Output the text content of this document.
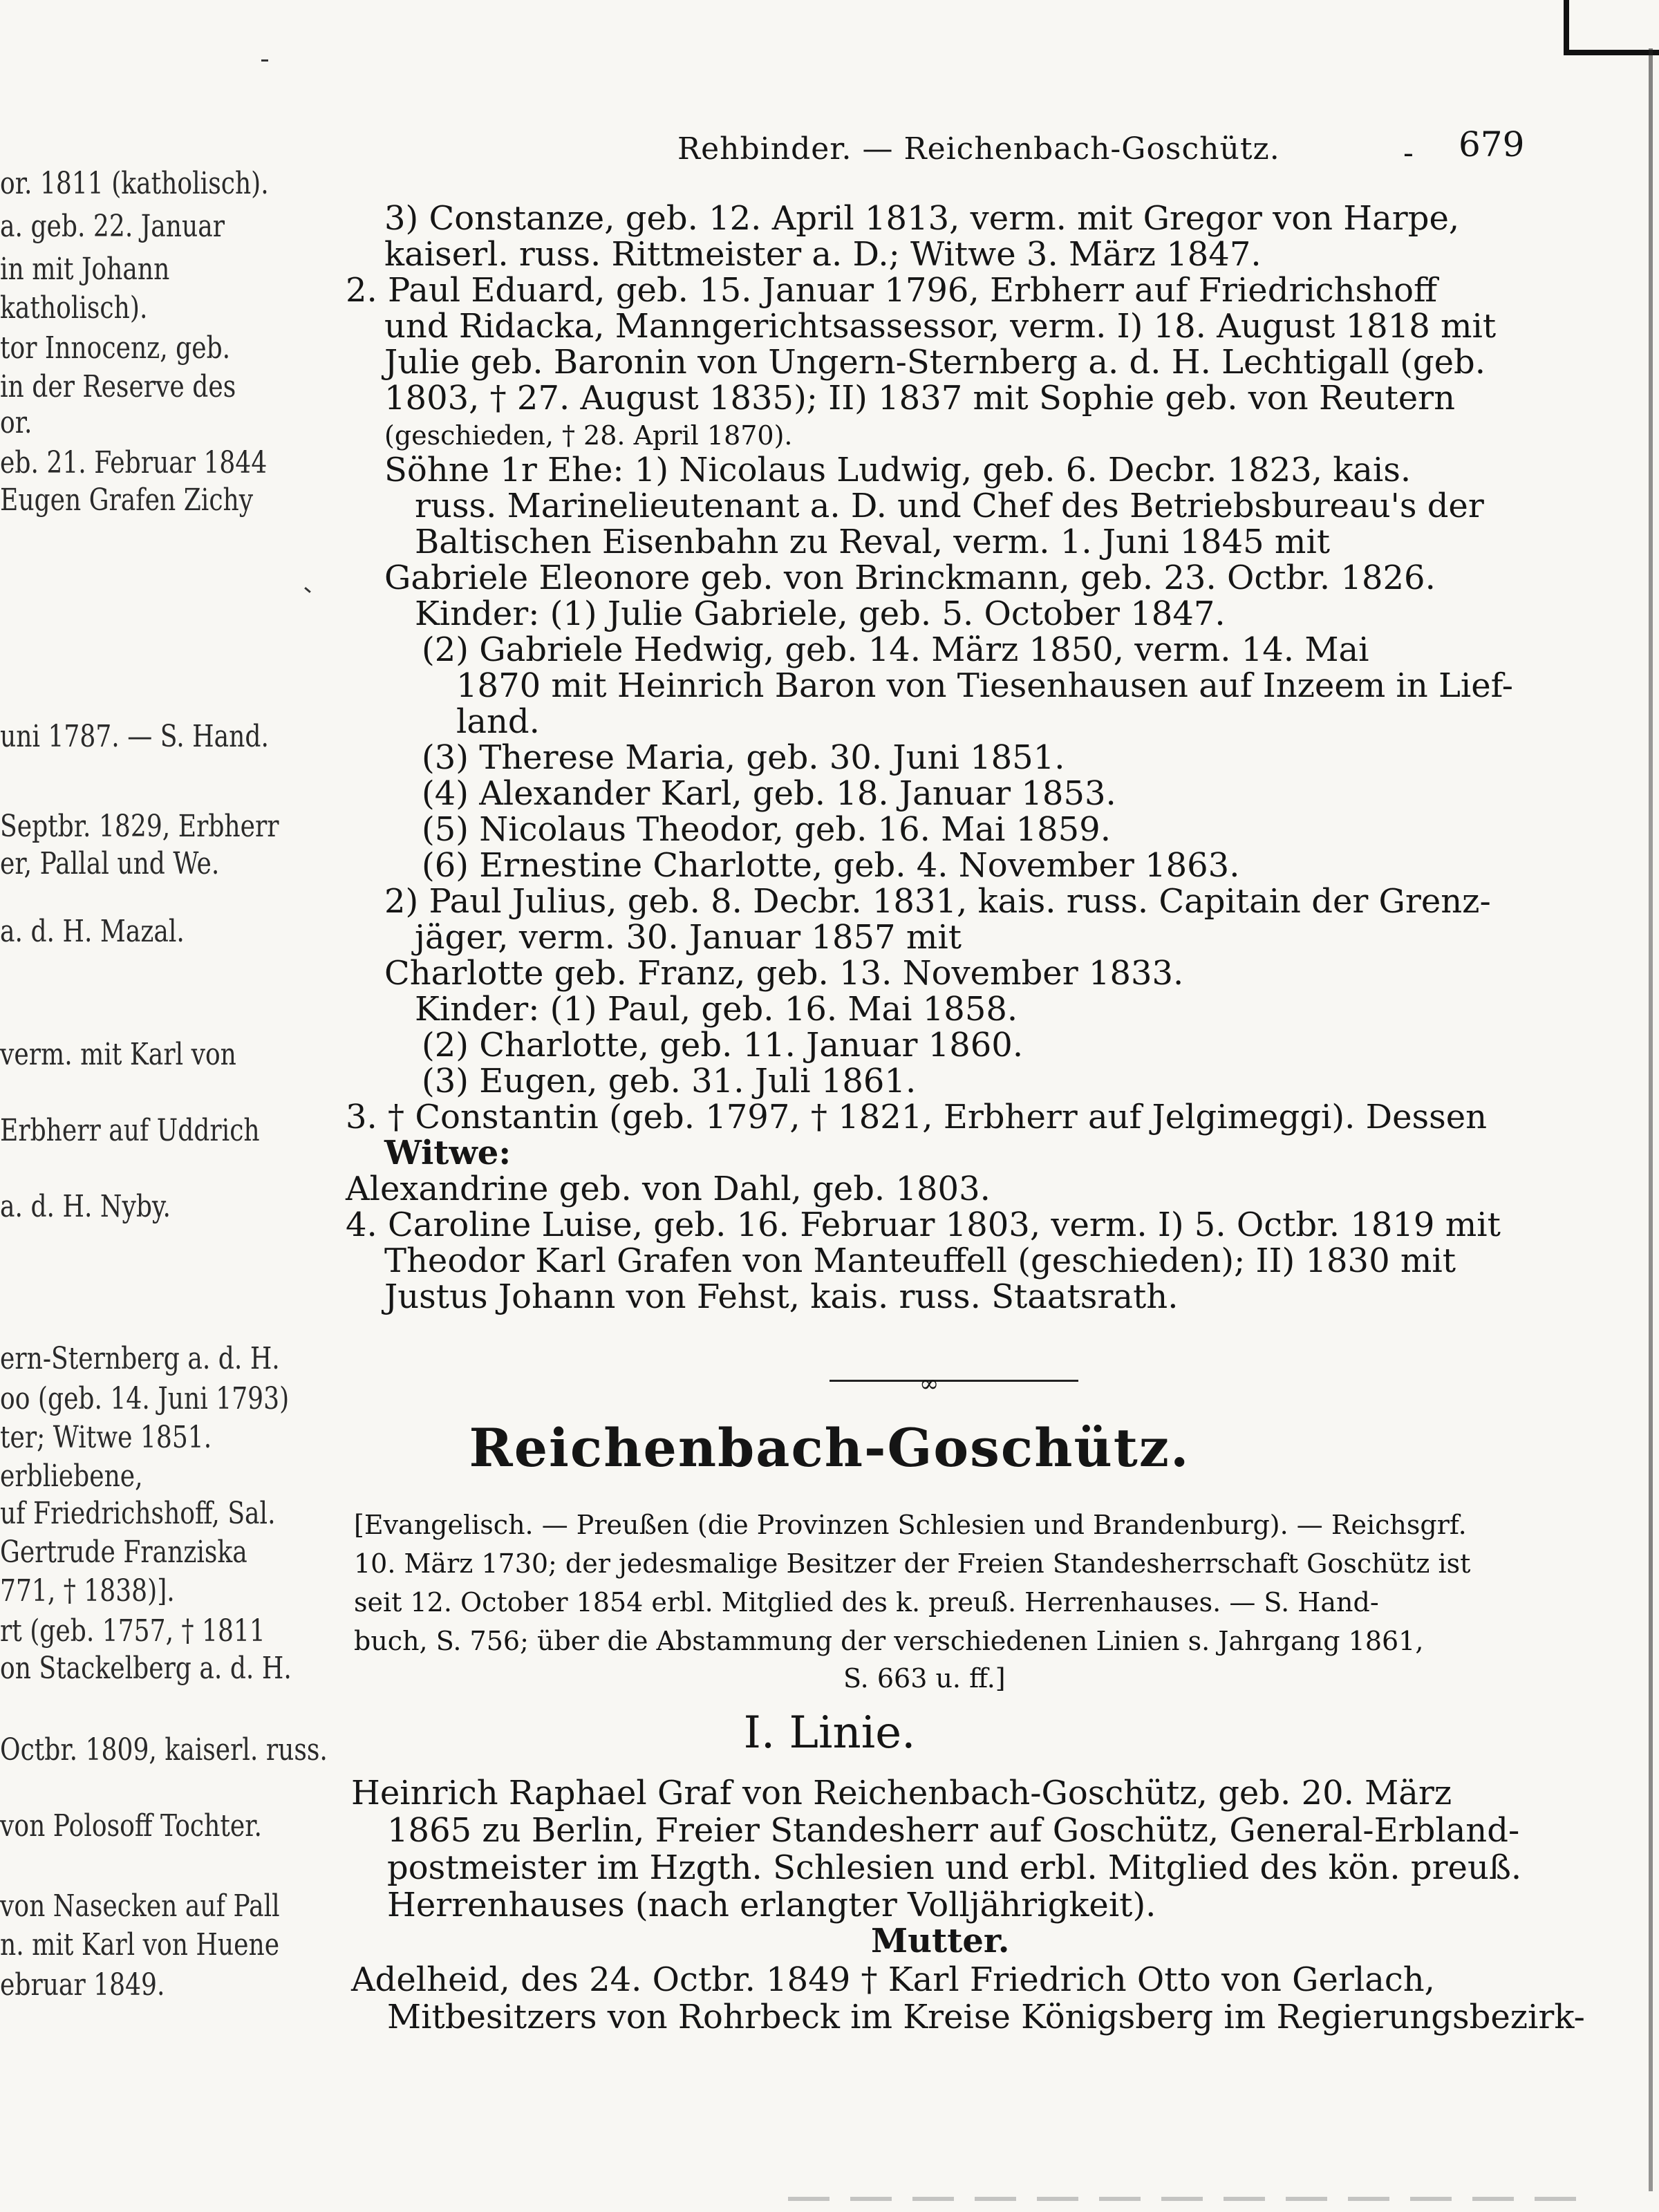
or. 1811 (katholisch).
a. geb. 22. Januar
in mit Johann
katholisch).
tor Innocenz, geb.
in der Reserve des
or.
eb. 21. Februar 1844
Eugen Grafen Zichy
uni 1787. — S. Hand.
Septbr. 1829, Erbherr
er, Pallal und We.
a. d. H. Mazal.
verm. mit Karl von
Erbherr auf Uddrich
a. d. H. Nyby.
ern-Sternberg a. d. H.
oo (geb. 14. Juni 1793)
ter; Witwe 1851.
erbliebene,
uf Friedrichshoff, Sal.
Gertrude Franziska
771, † 1838)].
rt (geb. 1757, † 1811
on Stackelberg a. d. H.
Octbr. 1809, kaiserl. russ.
von Polosoff Tochter.
von Nasecken auf Pall
n. mit Karl von Huene
ebruar 1849.
Rehbinder. — Reichenbach-Goschütz.	- 679
3) Constanze, geb. 12. April 1813, verm. mit Gregor von Harpe,
kaiserl. russ. Rittmeister a. D.; Witwe 3. März 1847.
2. Paul Eduard, geb. 15. Januar 1796, Erbherr auf Friedrichshoff
und Ridacka, Manngerichtsassessor, verm. I) 18. August 1818 mit
Julie geb. Baronin von Ungern-Sternberg a. d. H. Lechtigall (geb.
1803, † 27. August 1835); II) 1837 mit Sophie geb. von Reutern
(geschieden, † 28. April 1870).
Söhne 1r Ehe: 1) Nicolaus Ludwig, geb. 6. Decbr. 1823, kais.
russ. Marinelieutenant a. D. und Chef des Betriebsbureau's der
Baltischen Eisenbahn zu Reval, verm. 1. Juni 1845 mit
Gabriele Eleonore geb. von Brinckmann, geb. 23. Octbr. 1826.
Kinder: (1) Julie Gabriele, geb. 5. October 1847.
(2) Gabriele Hedwig, geb. 14. März 1850, verm. 14. Mai
1870 mit Heinrich Baron von Tiesenhausen auf Inzeem in Lief-
land.
(3) Therese Maria, geb. 30. Juni 1851.
(4) Alexander Karl, geb. 18. Januar 1853.
(5) Nicolaus Theodor, geb. 16. Mai 1859.
(6) Ernestine Charlotte, geb. 4. November 1863.
2) Paul Julius, geb. 8. Decbr. 1831, kais. russ. Capitain der Grenz-
jäger, verm. 30. Januar 1857 mit
Charlotte geb. Franz, geb. 13. November 1833.
Kinder: (1) Paul, geb. 16. Mai 1858.
(2) Charlotte, geb. 11. Januar 1860.
(3) Eugen, geb. 31. Juli 1861.
3. † Constantin (geb. 1797, † 1821, Erbherr auf Jelgimeggi). Dessen
Witwe:
Alexandrine geb. von Dahl, geb. 1803.
4. Caroline Luise, geb. 16. Februar 1803, verm. I) 5. Octbr. 1819 mit
Theodor Karl Grafen von Manteuffell (geschieden); II) 1830 mit
Justus Johann von Fehst, kais. russ. Staatsrath.
∞
Reichenbach-Goschütz.
[Evangelisch. — Preußen (die Provinzen Schlesien und Brandenburg). — Reichsgrf.
10. März 1730; der jedesmalige Besitzer der Freien Standesherrschaft Goschütz ist
seit 12. October 1854 erbl. Mitglied des k. preuß. Herrenhauses. — S. Hand-
buch, S. 756; über die Abstammung der verschiedenen Linien s. Jahrgang 1861,
S. 663 u. ff.]
I. Linie.
Heinrich Raphael Graf von Reichenbach-Goschütz, geb. 20. März
1865 zu Berlin, Freier Standesherr auf Goschütz, General-Erbland-
postmeister im Hzgth. Schlesien und erbl. Mitglied des kön. preuß.
Herrenhauses (nach erlangter Volljährigkeit).
Mutter.
Adelheid, des 24. Octbr. 1849 † Karl Friedrich Otto von Gerlach,
Mitbesitzers von Rohrbeck im Kreise Königsberg im Regierungsbezirk-
